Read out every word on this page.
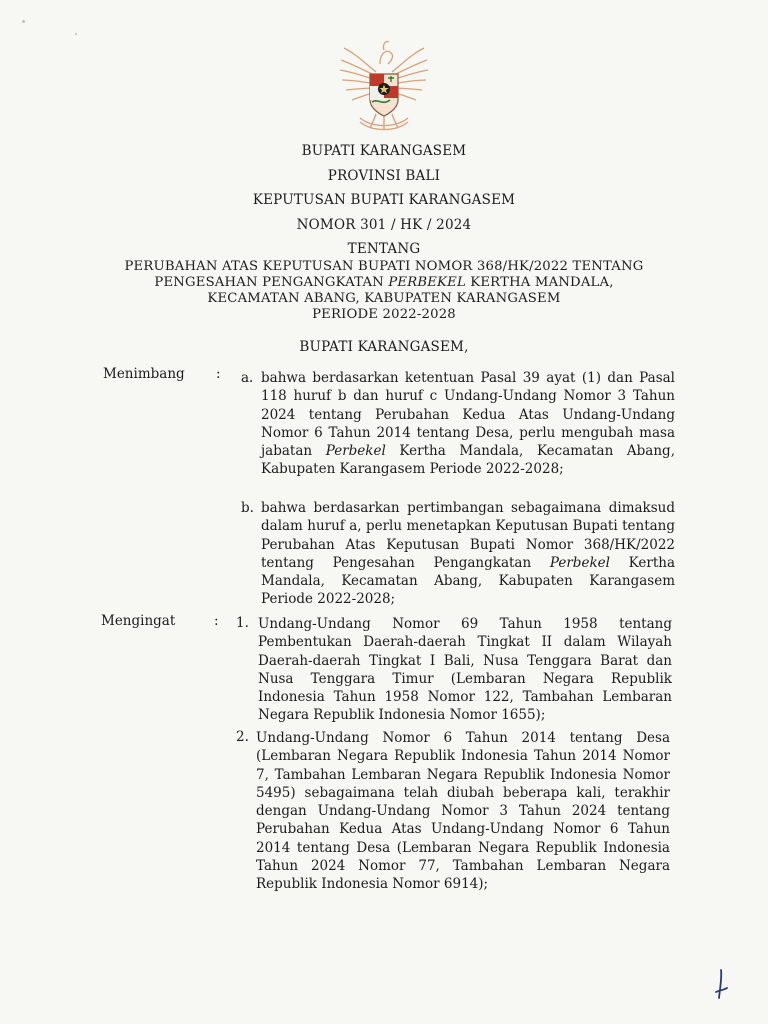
BUPATI KARANGASEM
PROVINSI BALI
KEPUTUSAN BUPATI KARANGASEM
NOMOR 301 / HK / 2024
TENTANG
PERUBAHAN ATAS KEPUTUSAN BUPATI NOMOR 368/HK/2022 TENTANG
PENGESAHAN PENGANGKATAN PERBEKEL KERTHA MANDALA,
KECAMATAN ABANG, KABUPATEN KARANGASEM
PERIODE 2022-2028
BUPATI KARANGASEM,
Menimbang : a. bahwa berdasarkan ketentuan Pasal 39 ayat (1) dan Pasal 118 huruf b dan huruf c Undang-Undang Nomor 3 Tahun 2024 tentang Perubahan Kedua Atas Undang-Undang Nomor 6 Tahun 2014 tentang Desa, perlu mengubah masa jabatan Perbekel Kertha Mandala, Kecamatan Abang, Kabupaten Karangasem Periode 2022-2028;
b. bahwa berdasarkan pertimbangan sebagaimana dimaksud dalam huruf a, perlu menetapkan Keputusan Bupati tentang Perubahan Atas Keputusan Bupati Nomor 368/HK/2022 tentang Pengesahan Pengangkatan Perbekel Kertha Mandala, Kecamatan Abang, Kabupaten Karangasem Periode 2022-2028;
Mengingat	: 1. Undang-Undang Nomor 69 Tahun 1958 tentang Pembentukan Daerah-daerah Tingkat II dalam Wilayah Daerah-daerah Tingkat I Bali, Nusa Tenggara Barat dan Nusa Tenggara Timur (Lembaran Negara Republik Indonesia Tahun 1958 Nomor 122, Tambahan Lembaran Negara Republik Indonesia Nomor 1655);
2. Undang-Undang Nomor 6 Tahun 2014 tentang Desa (Lembaran Negara Republik Indonesia Tahun 2014 Nomor 7, Tambahan Lembaran Negara Republik Indonesia Nomor 5495) sebagaimana telah diubah beberapa kali, terakhir dengan Undang-Undang Nomor 3 Tahun 2024 tentang Perubahan Kedua Atas Undang-Undang Nomor 6 Tahun 2014 tentang Desa (Lembaran Negara Republik Indonesia Tahun 2024 Nomor 77, Tambahan Lembaran Negara Republik Indonesia Nomor 6914);
